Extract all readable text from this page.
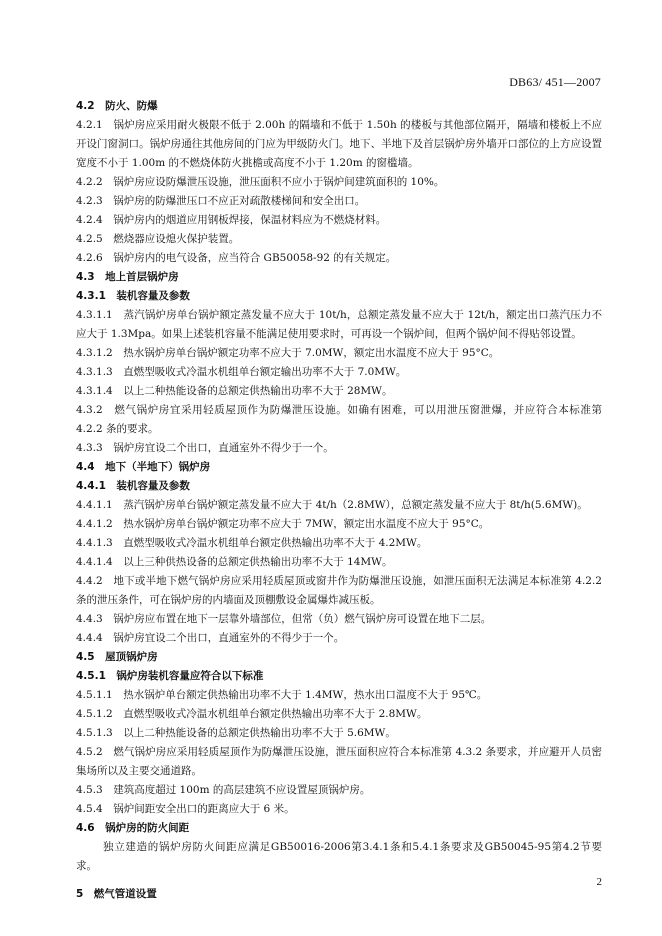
DB63/ 451—2007
4.2　防火、防爆
4.2.1　锅炉房应采用耐火极限不低于 2.00h 的隔墙和不低于 1.50h 的楼板与其他部位隔开，隔墙和楼板上不应开设门窗洞口。锅炉房通往其他房间的门应为甲级防火门。地下、半地下及首层锅炉房外墙开口部位的上方应设置宽度不小于 1.00m 的不燃烧体防火挑檐或高度不小于 1.20m 的窗槛墙。
4.2.2　锅炉房应设防爆泄压设施，泄压面积不应小于锅炉间建筑面积的 10%。
4.2.3　锅炉房的防爆泄压口不应正对疏散楼梯间和安全出口。
4.2.4　锅炉房内的烟道应用钢板焊接，保温材料应为不燃烧材料。
4.2.5　燃烧器应设熄火保护装置。
4.2.6　锅炉房内的电气设备，应当符合 GB50058-92 的有关规定。
4.3　地上首层锅炉房
4.3.1　装机容量及参数
4.3.1.1　蒸汽锅炉房单台锅炉额定蒸发量不应大于 10t/h，总额定蒸发量不应大于 12t/h，额定出口蒸汽压力不应大于 1.3Mpa。如果上述装机容量不能满足使用要求时，可再设一个锅炉间，但两个锅炉间不得贴邻设置。
4.3.1.2　热水锅炉房单台锅炉额定功率不应大于 7.0MW，额定出水温度不应大于 95°C。
4.3.1.3　直燃型吸收式冷温水机组单台额定输出功率不大于 7.0MW。
4.3.1.4　以上二种热能设备的总额定供热输出功率不大于 28MW。
4.3.2　燃气锅炉房宜采用轻质屋顶作为防爆泄压设施。如确有困难，可以用泄压窗泄爆，并应符合本标准第 4.2.2 条的要求。
4.3.3　锅炉房宜设二个出口，直通室外不得少于一个。
4.4　地下（半地下）锅炉房
4.4.1　装机容量及参数
4.4.1.1　蒸汽锅炉房单台锅炉额定蒸发量不应大于 4t/h（2.8MW），总额定蒸发量不应大于 8t/h(5.6MW)。
4.4.1.2　热水锅炉房单台锅炉额定功率不应大于 7MW，额定出水温度不应大于 95°C。
4.4.1.3　直燃型吸收式冷温水机组单台额定供热输出功率不大于 4.2MW。
4.4.1.4　以上三种供热设备的总额定供热输出功率不大于 14MW。
4.4.2　地下或半地下燃气锅炉房应采用轻质屋顶或窗井作为防爆泄压设施，如泄压面积无法满足本标准第 4.2.2 条的泄压条件，可在锅炉房的内墙面及顶棚敷设金属爆炸减压板。
4.4.3　锅炉房应布置在地下一层靠外墙部位，但常（负）燃气锅炉房可设置在地下二层。
4.4.4　锅炉房宜设二个出口，直通室外的不得少于一个。
4.5　屋顶锅炉房
4.5.1　锅炉房装机容量应符合以下标准
4.5.1.1　热水锅炉单台额定供热输出功率不大于 1.4MW，热水出口温度不大于 95℃。
4.5.1.2　直燃型吸收式冷温水机组单台额定供热输出功率不大于 2.8MW。
4.5.1.3　以上二种热能设备的总额定供热输出功率不大于 5.6MW。
4.5.2　燃气锅炉房应采用轻质屋顶作为防爆泄压设施，泄压面积应符合本标准第 4.3.2 条要求，并应避开人员密集场所以及主要交通道路。
4.5.3　建筑高度超过 100m 的高层建筑不应设置屋顶锅炉房。
4.5.4　锅炉间距安全出口的距离应大于 6 米。
4.6　锅炉房的防火间距
独立建造的锅炉房防火间距应满足GB50016-2006第3.4.1条和5.4.1条要求及GB50045-95第4.2节要求。
5　燃气管道设置
2
